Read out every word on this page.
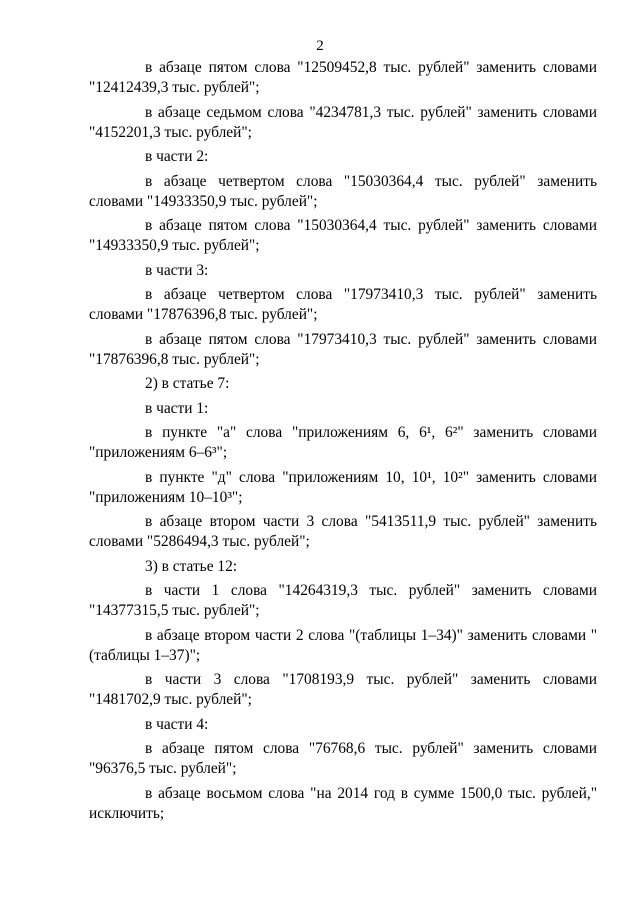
2

в абзаце пятом слова "12509452,8 тыс. рублей" заменить словами "12412439,3 тыс. рублей";

в абзаце седьмом слова "4234781,3 тыс. рублей" заменить словами "4152201,3 тыс. рублей";

в части 2:

в абзаце четвертом слова "15030364,4 тыс. рублей" заменить словами "14933350,9 тыс. рублей";

в абзаце пятом слова "15030364,4 тыс. рублей" заменить словами "14933350,9 тыс. рублей";

в части 3:

в абзаце четвертом слова "17973410,3 тыс. рублей" заменить словами "17876396,8 тыс. рублей";

в абзаце пятом слова "17973410,3 тыс. рублей" заменить словами "17876396,8 тыс. рублей";

2) в статье 7:

в части 1:

в пункте "а" слова "приложениям 6, 6¹, 6²" заменить словами "приложениям 6–6³";

в пункте "д" слова "приложениям 10, 10¹, 10²" заменить словами "приложениям 10–10³";

в абзаце втором части 3 слова "5413511,9 тыс. рублей" заменить словами "5286494,3 тыс. рублей";

3) в статье 12:

в части 1 слова "14264319,3 тыс. рублей" заменить словами "14377315,5 тыс. рублей";

в абзаце втором части 2 слова "(таблицы 1–34)" заменить словами "(таблицы 1–37)";

в части 3 слова "1708193,9 тыс. рублей" заменить словами "1481702,9 тыс. рублей";

в части 4:

в абзаце пятом слова "76768,6 тыс. рублей" заменить словами "96376,5 тыс. рублей";

в абзаце восьмом слова "на 2014 год в сумме 1500,0 тыс. рублей," исключить;
